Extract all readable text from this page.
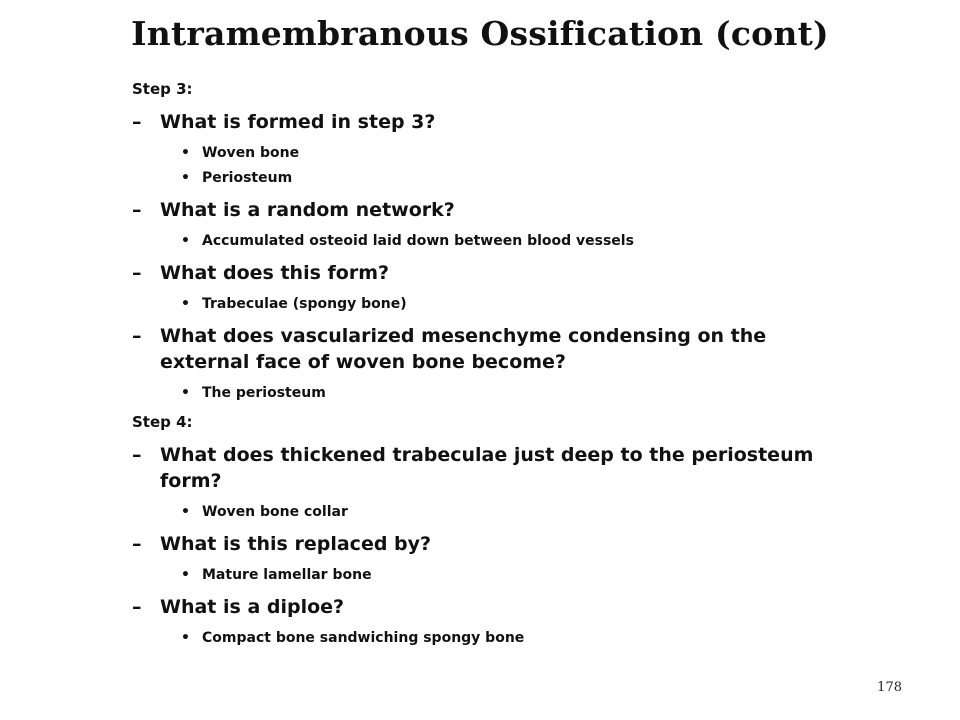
Intramembranous Ossification (cont)

Step 3:

– What is formed in step 3?

• Woven bone

• Periosteum

– What is a random network?

• Accumulated osteoid laid down between blood vessels

– What does this form?

• Trabeculae (spongy bone)

– What does vascularized mesenchyme condensing on the external face of woven bone become?

• The periosteum

Step 4:

– What does thickened trabeculae just deep to the periosteum form?

• Woven bone collar

– What is this replaced by?

• Mature lamellar bone

– What is a diploe?

• Compact bone sandwiching spongy bone

178
